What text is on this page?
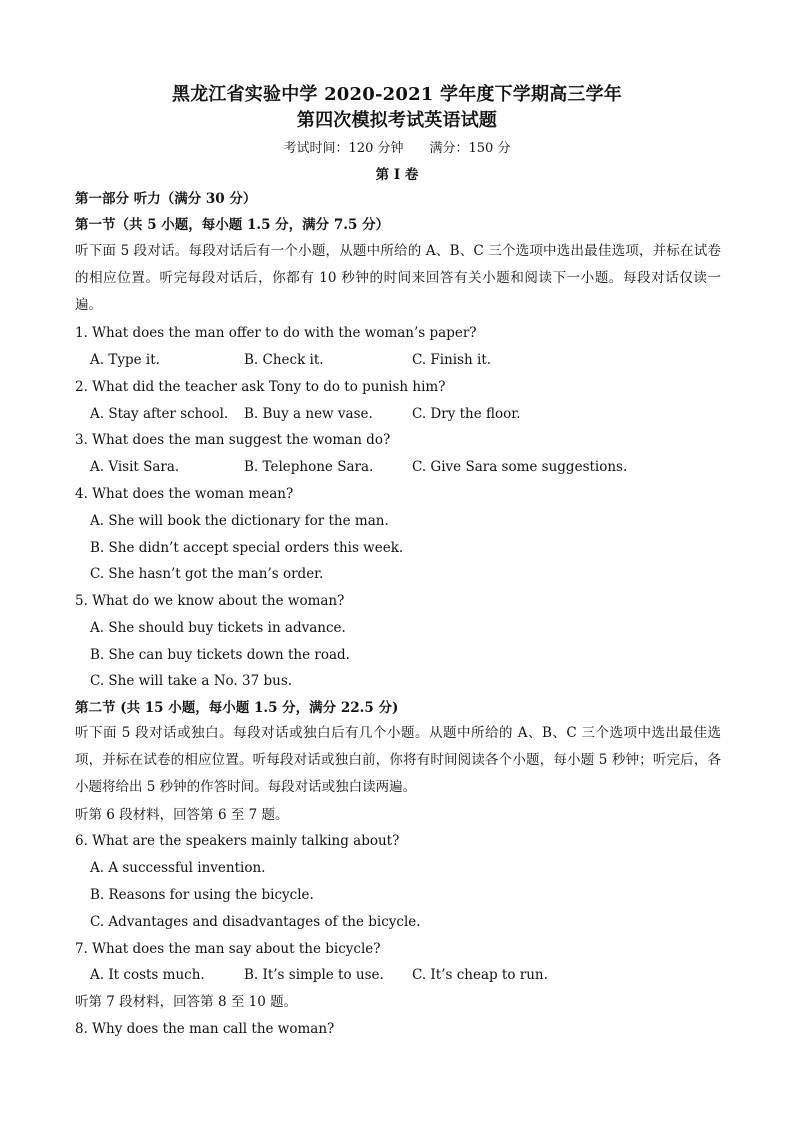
黑龙江省实验中学 2020-2021 学年度下学期高三学年
第四次模拟考试英语试题
考试时间：120 分钟 满分：150 分
第 I 卷
第一部分 听力（满分 30 分）
第一节（共 5 小题，每小题 1.5 分，满分 7.5 分）
听下面 5 段对话。每段对话后有一个小题，从题中所给的 A、B、C 三个选项中选出最佳选项，并标在试卷的相应位置。听完每段对话后，你都有 10 秒钟的时间来回答有关小题和阅读下一小题。每段对话仅读一遍。
1. What does the man offer to do with the woman’s paper?
A. Type it.	B. Check it.	C. Finish it.
2. What did the teacher ask Tony to do to punish him?
A. Stay after school. B. Buy a new vase.	C. Dry the floor.
3. What does the man suggest the woman do?
A. Visit Sara.	B. Telephone Sara.	C. Give Sara some suggestions.
4. What does the woman mean?
A. She will book the dictionary for the man.
B. She didn’t accept special orders this week.
C. She hasn’t got the man’s order.
5. What do we know about the woman?
A. She should buy tickets in advance.
B. She can buy tickets down the road.
C. She will take a No. 37 bus.
第二节 (共 15 小题，每小题 1.5 分，满分 22.5 分)
听下面 5 段对话或独白。每段对话或独白后有几个小题。从题中所给的 A、B、C 三个选项中选出最佳选项，并标在试卷的相应位置。听每段对话或独白前，你将有时间阅读各个小题，每小题 5 秒钟；听完后，各小题将给出 5 秒钟的作答时间。每段对话或独白读两遍。
听第 6 段材料，回答第 6 至 7 题。
6. What are the speakers mainly talking about?
A. A successful invention.
B. Reasons for using the bicycle.
C. Advantages and disadvantages of the bicycle.
7. What does the man say about the bicycle?
A. It costs much.	B. It’s simple to use. C. It’s cheap to run.
听第 7 段材料，回答第 8 至 10 题。
8. Why does the man call the woman?
